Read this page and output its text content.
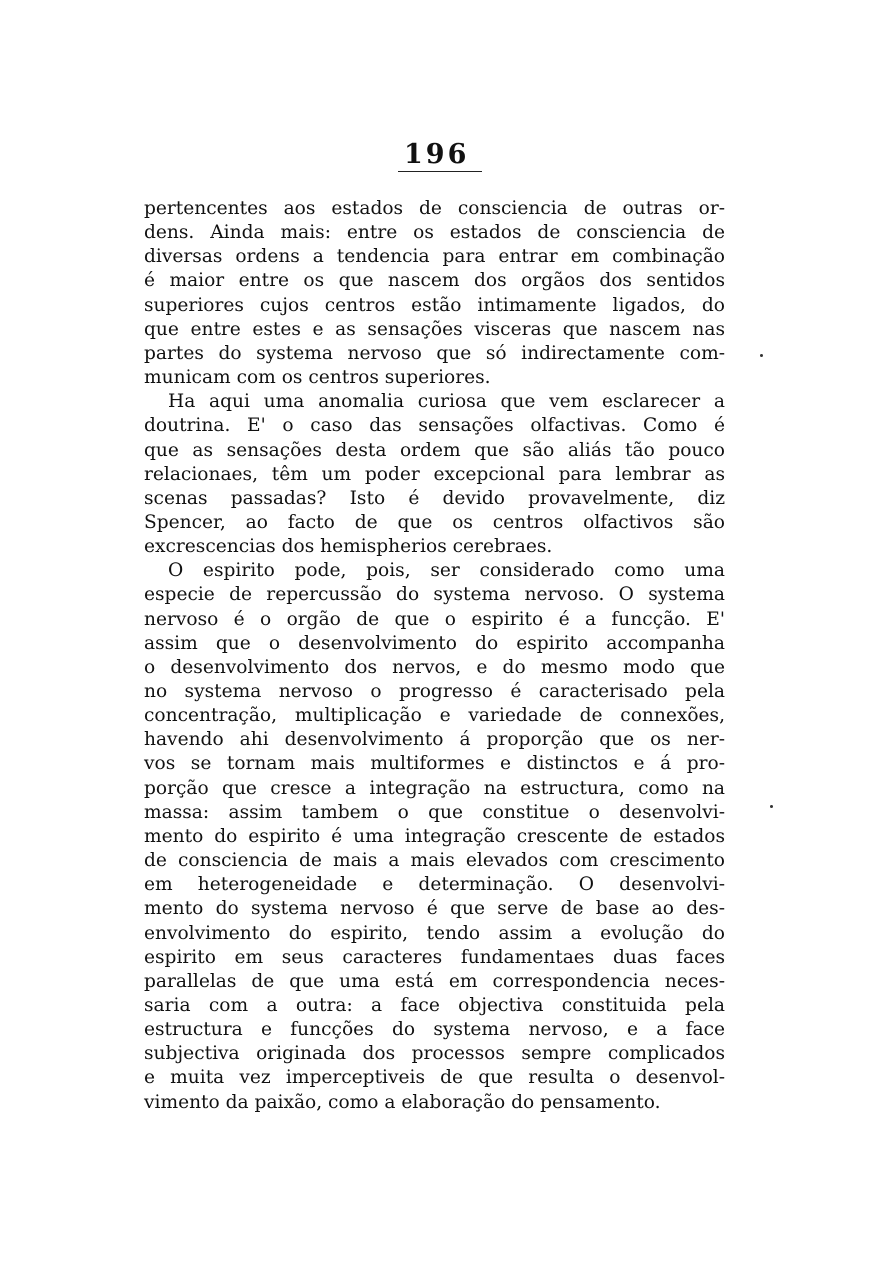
196
pertencentes aos estados de consciencia de outras or-
dens. Ainda mais: entre os estados de consciencia de
diversas ordens a tendencia para entrar em combinação
é maior entre os que nascem dos orgãos dos sentidos
superiores cujos centros estão intimamente ligados, do
que entre estes e as sensações visceras que nascem nas
partes do systema nervoso que só indirectamente com-
municam com os centros superiores.
Ha aqui uma anomalia curiosa que vem esclarecer a
doutrina. E' o caso das sensações olfactivas. Como é
que as sensações desta ordem que são aliás tão pouco
relacionaes, têm um poder excepcional para lembrar as
scenas passadas? Isto é devido provavelmente, diz
Spencer, ao facto de que os centros olfactivos são
excrescencias dos hemispherios cerebraes.
O espirito pode, pois, ser considerado como uma
especie de repercussão do systema nervoso. O systema
nervoso é o orgão de que o espirito é a funcção. E'
assim que o desenvolvimento do espirito accompanha
o desenvolvimento dos nervos, e do mesmo modo que
no systema nervoso o progresso é caracterisado pela
concentração, multiplicação e variedade de connexões,
havendo ahi desenvolvimento á proporção que os ner-
vos se tornam mais multiformes e distinctos e á pro-
porção que cresce a integração na estructura, como na
massa: assim tambem o que constitue o desenvolvi-
mento do espirito é uma integração crescente de estados
de consciencia de mais a mais elevados com crescimento
em heterogeneidade e determinação. O desenvolvi-
mento do systema nervoso é que serve de base ao des-
envolvimento do espirito, tendo assim a evolução do
espirito em seus caracteres fundamentaes duas faces
parallelas de que uma está em correspondencia neces-
saria com a outra: a face objectiva constituida pela
estructura e funcções do systema nervoso, e a face
subjectiva originada dos processos sempre complicados
e muita vez imperceptiveis de que resulta o desenvol-
vimento da paixão, como a elaboração do pensamento.
